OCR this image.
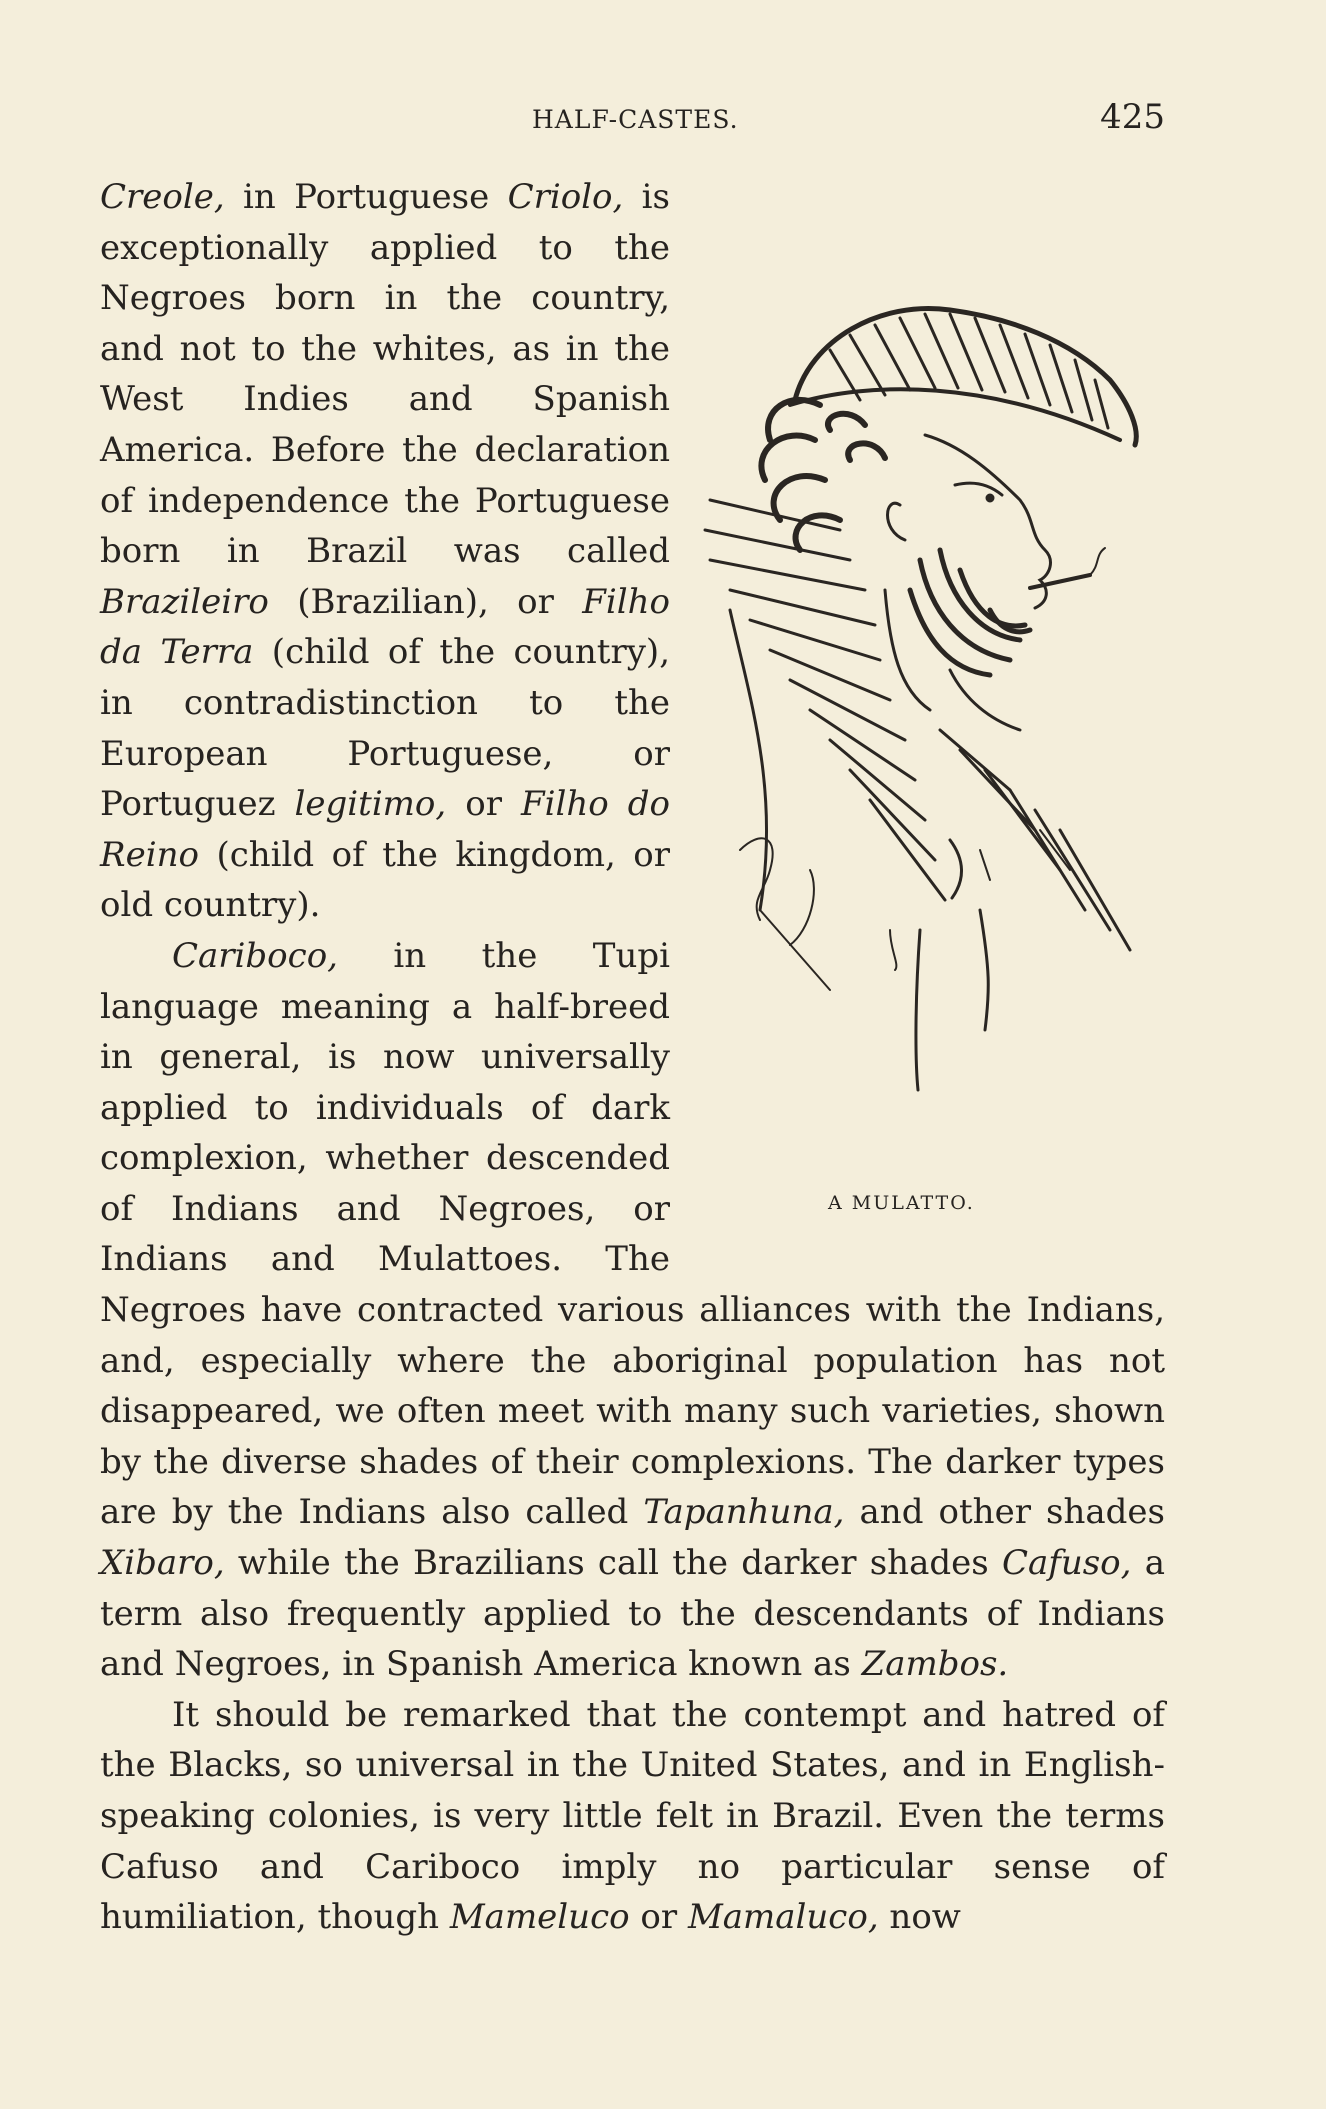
HALF-CASTES.	425
A MULATTO.

Creole, in Portuguese Criolo, is exceptionally applied to the Negroes born in the country, and not to the whites, as in the West Indies and Spanish America. Before the declaration of independence the Portuguese born in Brazil was called Brazileiro (Brazilian), or Filho da Terra (child of the country), in contradistinction to the European Portuguese, or Portuguez legitimo, or Filho do Reino (child of the kingdom, or old country).

Cariboco, in the Tupi language meaning a half-breed in general, is now universally applied to individuals of dark complexion, whether descended of Indians and Negroes, or Indians and Mulattoes. The Negroes have contracted various alliances with the Indians, and, especially where the aboriginal population has not disappeared, we often meet with many such varieties, shown by the diverse shades of their complexions. The darker types are by the Indians also called Tapanhuna, and other shades Xibaro, while the Brazilians call the darker shades Cafuso, a term also frequently applied to the descendants of Indians and Negroes, in Spanish America known as Zambos.

It should be remarked that the contempt and hatred of the Blacks, so universal in the United States, and in English-speaking colonies, is very little felt in Brazil. Even the terms Cafuso and Cariboco imply no particular sense of humiliation, though Mameluco or Mamaluco, now
